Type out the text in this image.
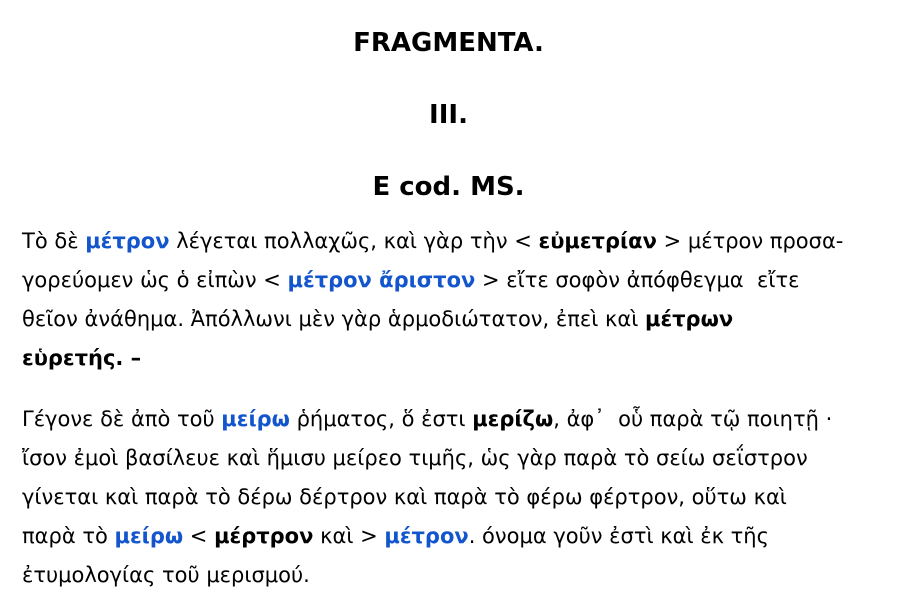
FRAGMENTA.
III.
E cod. MS.
Τὸ δὲ μέτρον λέγεται πολλαχῶς, καὶ γὰρ τὴν < εὐμετρίαν > μέτρον προσα-
γορεύομεν ὡς ὁ εἰπὼν < μέτρον ἄριστον > εἴτε σοφὸν ἀπόφθεγμα  εἴτε
θεῖον ἀνάθημα. Ἀπόλλωνι μὲν γὰρ ἁρμοδιώτατον, ἐπεὶ καὶ μέτρων
εὑρετής. –
Γέγονε δὲ ἀπὸ τοῦ μείρω ῥήματος, ὅ ἐστι μερίζω, ἀφ᾽  οὗ παρὰ τῷ ποιητῇ ·
ἴσον ἐμοὶ βασίλευε καὶ ἥμισυ μείρεο τιμῆς, ὡς γὰρ παρὰ τὸ σείω σεΐστρον
γίνεται καὶ παρὰ τὸ δέρω δέρτρον καὶ παρὰ τὸ φέρω φέρτρον, οὕτω καὶ
παρὰ τὸ μείρω < μέρτρον καὶ > μέτρον. όνομα γοῦν ἐστὶ καὶ ἐκ τῆς
ἐτυμολογίας τοῦ μερισμού.
